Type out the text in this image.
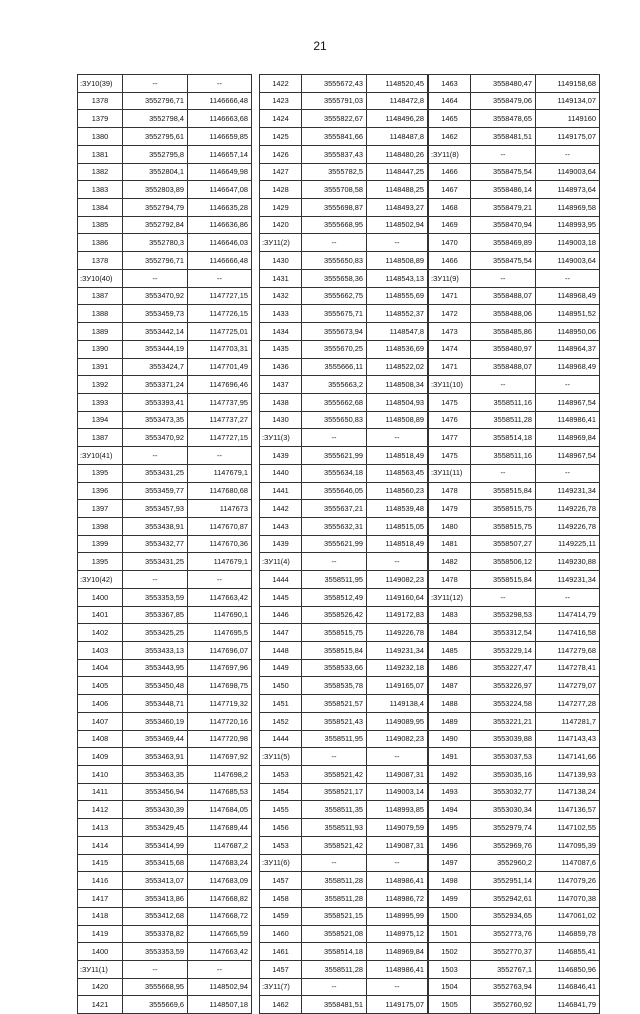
21
:ЗУ10(39)	--	--
1378	3552796,71	1146666,48
1379	3552798,4	1146663,68
1380	3552795,61	1146659,85
1381	3552795,8	1146657,14
1382	3552804,1	1146649,98
1383	3552803,89	1146647,08
1384	3552794,79	1146635,28
1385	3552792,84	1146636,86
1386	3552780,3	1146646,03
1378	3552796,71	1146666,48
:ЗУ10(40)	--	--
1387	3553470,92	1147727,15
1388	3553459,73	1147726,15
1389	3553442,14	1147725,01
1390	3553444,19	1147703,31
1391	3553424,7	1147701,49
1392	3553371,24	1147696,46
1393	3553393,41	1147737,95
1394	3553473,35	1147737,27
1387	3553470,92	1147727,15
:ЗУ10(41)	--	--
1395	3553431,25	1147679,1
1396	3553459,77	1147680,68
1397	3553457,93	1147673
1398	3553438,91	1147670,87
1399	3553432,77	1147670,36
1395	3553431,25	1147679,1
:ЗУ10(42)	--	--
1400	3553353,59	1147663,42
1401	3553367,85	1147690,1
1402	3553425,25	1147695,5
1403	3553433,13	1147696,07
1404	3553443,95	1147697,96
1405	3553450,48	1147698,75
1406	3553448,71	1147719,32
1407	3553460,19	1147720,16
1408	3553469,44	1147720,98
1409	3553463,91	1147697,92
1410	3553463,35	1147698,2
1411	3553456,94	1147685,53
1412	3553430,39	1147684,05
1413	3553429,45	1147689,44
1414	3553414,99	1147687,2
1415	3553415,68	1147683,24
1416	3553413,07	1147683,09
1417	3553413,86	1147668,82
1418	3553412,68	1147668,72
1419	3553378,82	1147665,59
1400	3553353,59	1147663,42
:ЗУ11(1)	--	--
1420	3555668,95	1148502,94
1421	3555669,6	1148507,18
1422	3555672,43	1148520,45
1423	3555791,03	1148472,8
1424	3555822,67	1148496,28
1425	3555841,66	1148487,8
1426	3555837,43	1148480,26
1427	3555782,5	1148447,25
1428	3555708,58	1148488,25
1429	3555698,87	1148493,27
1420	3555668,95	1148502,94
:ЗУ11(2)	--	--
1430	3555650,83	1148508,89
1431	3555658,36	1148543,13
1432	3555662,75	1148555,69
1433	3555675,71	1148552,37
1434	3555673,94	1148547,8
1435	3555670,25	1148536,69
1436	3555666,11	1148522,02
1437	3555663,2	1148508,34
1438	3555662,68	1148504,93
1430	3555650,83	1148508,89
:ЗУ11(3)	--	--
1439	3555621,99	1148518,49
1440	3555634,18	1148563,45
1441	3555646,05	1148560,23
1442	3555637,21	1148539,48
1443	3555632,31	1148515,05
1439	3555621,99	1148518,49
:ЗУ11(4)	--	--
1444	3558511,95	1149082,23
1445	3558512,49	1149160,64
1446	3558526,42	1149172,83
1447	3558515,75	1149226,78
1448	3558515,84	1149231,34
1449	3558533,66	1149232,18
1450	3558535,78	1149165,07
1451	3558521,57	1149138,4
1452	3558521,43	1149089,95
1444	3558511,95	1149082,23
:ЗУ11(5)	--	--
1453	3558521,42	1149087,31
1454	3558521,17	1149003,14
1455	3558511,35	1148993,85
1456	3558511,93	1149079,59
1453	3558521,42	1149087,31
:ЗУ11(6)	--	--
1457	3558511,28	1148986,41
1458	3558511,28	1148986,72
1459	3558521,15	1148995,99
1460	3558521,08	1148975,12
1461	3558514,18	1148969,84
1457	3558511,28	1148986,41
:ЗУ11(7)	--	--
1462	3558481,51	1149175,07
1463	3558480,47	1149158,68
1464	3558479,06	1149134,07
1465	3558478,65	1149160
1462	3558481,51	1149175,07
:ЗУ11(8)	--	--
1466	3558475,54	1149003,64
1467	3558486,14	1148973,64
1468	3558479,21	1148969,58
1469	3558470,94	1148993,95
1470	3558469,89	1149003,18
1466	3558475,54	1149003,64
:ЗУ11(9)	--	--
1471	3558488,07	1148968,49
1472	3558488,06	1148951,52
1473	3558485,86	1148950,06
1474	3558480,97	1148964,37
1471	3558488,07	1148968,49
:ЗУ11(10)	--	--
1475	3558511,16	1148967,54
1476	3558511,28	1148986,41
1477	3558514,18	1148969,84
1475	3558511,16	1148967,54
:ЗУ11(11)	--	--
1478	3558515,84	1149231,34
1479	3558515,75	1149226,78
1480	3558515,75	1149226,78
1481	3558507,27	1149225,11
1482	3558506,12	1149230,88
1478	3558515,84	1149231,34
:ЗУ11(12)	--	--
1483	3553298,53	1147414,79
1484	3553312,54	1147416,58
1485	3553229,14	1147279,68
1486	3553227,47	1147278,41
1487	3553226,97	1147279,07
1488	3553224,58	1147277,28
1489	3553221,21	1147281,7
1490	3553039,88	1147143,43
1491	3553037,53	1147141,66
1492	3553035,16	1147139,93
1493	3553032,77	1147138,24
1494	3553030,34	1147136,57
1495	3552979,74	1147102,55
1496	3552969,76	1147095,39
1497	3552960,2	1147087,6
1498	3552951,14	1147079,26
1499	3552942,61	1147070,38
1500	3552934,65	1147061,02
1501	3552773,76	1146859,78
1502	3552770,37	1146855,41
1503	3552767,1	1146850,96
1504	3552763,94	1146846,41
1505	3552760,92	1146841,79
